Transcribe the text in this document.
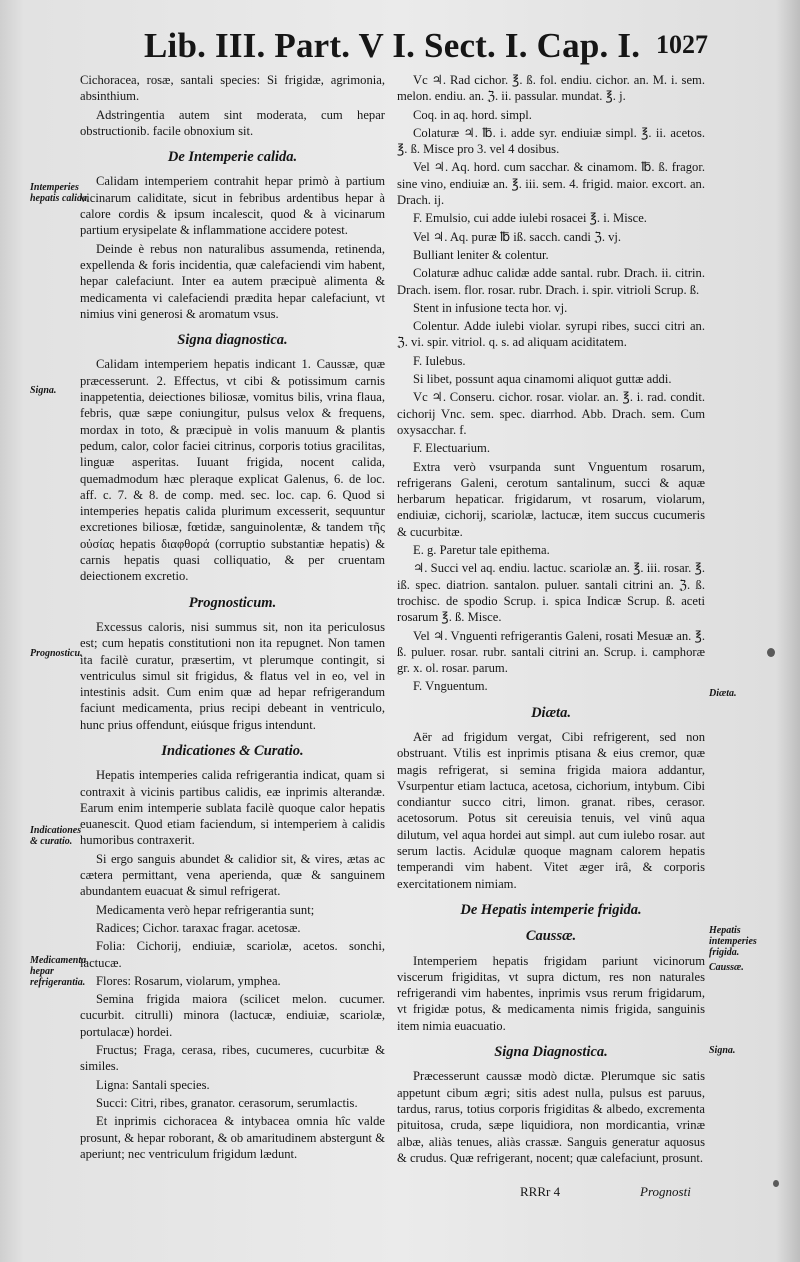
Lib. III. Part. V I. Sect. I. Cap. I. 1027
Intemperies hepatis calida.
Signa.
Prognosticu.
Indicationes & curatio.
Medicamenta hepar refrigerantia.
Diæta.
Hepatis intemperies frigida.
Caussæ.
Signa.

Cichoracea, rosæ, santali species: Si frigidæ, agrimonia, absinthium.

Adstringentia autem sint moderata, cum hepar obstructionib. facile obnoxium sit.

De Intemperie calida.

Calidam intemperiem contrahit hepar primò à partium vicinarum caliditate, sicut in febribus ardentibus hepar à calore cordis & ipsum incalescit, quod & à vicinarum partium erysipelate & inflammatione accidere potest.

Deinde è rebus non naturalibus assumenda, retinenda, expellenda & foris incidentia, quæ calefaciendi vim habent, hepar calefaciunt. Inter ea autem præcipuè alimenta & medicamenta vi calefaciendi prædita hepar calefaciunt, vt nimius vini generosi & aromatum vsus.

Signa diagnostica.

Calidam intemperiem hepatis indicant 1. Caussæ, quæ præcesserunt. 2. Effectus, vt cibi & potissimum carnis inappetentia, deiectiones biliosæ, vomitus bilis, vrina flaua, febris, quæ sæpe coniungitur, pulsus velox & frequens, mordax in toto, & præcipuè in volis manuum & plantis pedum, calor, color faciei citrinus, corporis totius gracilitas, linguæ asperitas. Iuuant frigida, nocent calida, quemadmodum hæc pleraque explicat Galenus, 6. de loc. aff. c. 7. & 8. de comp. med. sec. loc. cap. 6. Quod si intemperies hepatis calida plurimum excesserit, sequuntur excretiones biliosæ, fœtidæ, sanguinolentæ, & tandem τῆς οὐσίας hepatis διαφθορά (corruptio substantiæ hepatis) & carnis hepatis quasi colliquatio, & per cruentam deiectionem excretio.

Prognosticum.

Excessus caloris, nisi summus sit, non ita periculosus est; cum hepatis constitutioni non ita repugnet. Non tamen ita facilè curatur, præsertim, vt plerumque contingit, si ventriculus simul sit frigidus, & flatus vel in eo, vel in intestinis adsit. Cum enim quæ ad hepar refrigerandum faciunt medicamenta, prius recipi debeant in ventriculo, hunc prius offendunt, eiúsque frigus intendunt.

Indicationes & Curatio.

Hepatis intemperies calida refrigerantia indicat, quam si contraxit à vicinis partibus calidis, eæ inprimis alterandæ. Earum enim intemperie sublata facilè quoque calor hepatis euanescit. Quod etiam faciendum, si intemperiem à calidis humoribus contraxerit.

Si ergo sanguis abundet & calidior sit, & vires, ætas ac cætera permittant, vena aperienda, quæ & sanguinem abundantem euacuat & simul refrigerat.

Medicamenta verò hepar refrigerantia sunt;

Radices; Cichor. taraxac fragar. acetosæ.

Folia: Cichorij, endiuiæ, scariolæ, acetos. sonchi, lactucæ.

Flores: Rosarum, violarum, ymphea.

Semina frigida maiora (scilicet melon. cucumer. cucurbit. citrulli) minora (lactucæ, endiuiæ, scariolæ, portulacæ) hordei.

Fructus; Fraga, cerasa, ribes, cucumeres, cucurbitæ & similes.

Ligna: Santali species.

Succi: Citri, ribes, granator. cerasorum, serumlactis.

Et inprimis cichoracea & intybacea omnia hîc valde prosunt, & hepar roborant, & ob amaritudinem abstergunt & aperiunt; nec ventriculum frigidum lædunt.

Vc ♃. Rad cichor. ℥. ß. fol. endiu. cichor. an. M. i. sem. melon. endiu. an. ℨ. ii. passular. mundat. ℥. j.

Coq. in aq. hord. simpl.

Colaturæ ♃. ℔. i. adde syr. endiuiæ simpl. ℥. ii. acetos. ℥. ß. Misce pro 3. vel 4 dosibus.

Vel ♃. Aq. hord. cum sacchar. & cinamom. ℔. ß. fragor. sine vino, endiuiæ an. ℥. iii. sem. 4. frigid. maior. excort. an. Drach. ij.

F. Emulsio, cui adde iulebi rosacei ℥. i. Misce.

Vel ♃. Aq. puræ ℔ iß. sacch. candi ℨ. vj.

Bulliant leniter & colentur.

Colaturæ adhuc calidæ adde santal. rubr. Drach. ii. citrin. Drach. isem. flor. rosar. rubr. Drach. i. spir. vitrioli Scrup. ß.

Stent in infusione tecta hor. vj.

Colentur. Adde iulebi violar. syrupi ribes, succi citri an. ℨ. vi. spir. vitriol. q. s. ad aliquam aciditatem.

F. Iulebus.

Si libet, possunt aqua cinamomi aliquot guttæ addi.

Vc ♃. Conseru. cichor. rosar. violar. an. ℥. i. rad. condit. cichorij Vnc. sem. spec. diarrhod. Abb. Drach. sem. Cum oxysacchar. f.

F. Electuarium.

Extra verò vsurpanda sunt Vnguentum rosarum, refrigerans Galeni, cerotum santalinum, succi & aquæ herbarum hepaticar. frigidarum, vt rosarum, violarum, endiuiæ, cichorij, scariolæ, lactucæ, item succus cucumeris & cucurbitæ.

E. g. Paretur tale epithema.

♃. Succi vel aq. endiu. lactuc. scariolæ an. ℥. iii. rosar. ℥. iß. spec. diatrion. santalon. puluer. santali citrini an. ℨ. ß. trochisc. de spodio Scrup. i. spica Indicæ Scrup. ß. aceti rosarum ℥. ß. Misce.

Vel ♃. Vnguenti refrigerantis Galeni, rosati Mesuæ an. ℥. ß. puluer. rosar. rubr. santali citrini an. Scrup. i. camphoræ gr. x. ol. rosar. parum.

F. Vnguentum.

Diæta.

Aër ad frigidum vergat, Cibi refrigerent, sed non obstruant. Vtilis est inprimis ptisana & eius cremor, quæ magis refrigerat, si semina frigida maiora addantur, Vsurpentur etiam lactuca, acetosa, cichorium, intybum. Cibi condiantur succo citri, limon. granat. ribes, cerasor. acetosorum. Potus sit cereuisia tenuis, vel vinû aqua dilutum, vel aqua hordei aut simpl. aut cum iulebo rosar. aut serum lactis. Acidulæ quoque magnam calorem hepatis temperandi vim habent. Vitet æger irâ, & corporis exercitationem nimiam.

De Hepatis intemperie frigida.
Caussæ.

Intemperiem hepatis frigidam pariunt vicinorum viscerum frigiditas, vt supra dictum, res non naturales refrigerandi vim habentes, inprimis vsus rerum frigidarum, vt frigidæ potus, & medicamenta nimis frigida, sanguinis item nimia euacuatio.

Signa Diagnostica.

Præcesserunt caussæ modò dictæ. Plerumque sic satis appetunt cibum ægri; sitis adest nulla, pulsus est paruus, tardus, rarus, totius corporis frigiditas & albedo, excrementa pituitosa, cruda, sæpe liquidiora, non mordicantia, vrinæ albæ, aliàs tenues, aliàs crassæ. Sanguis generatur aquosus & crudus. Quæ refrigerant, nocent; quæ calefaciunt, prosunt.

RRRr 4	Prognosti
